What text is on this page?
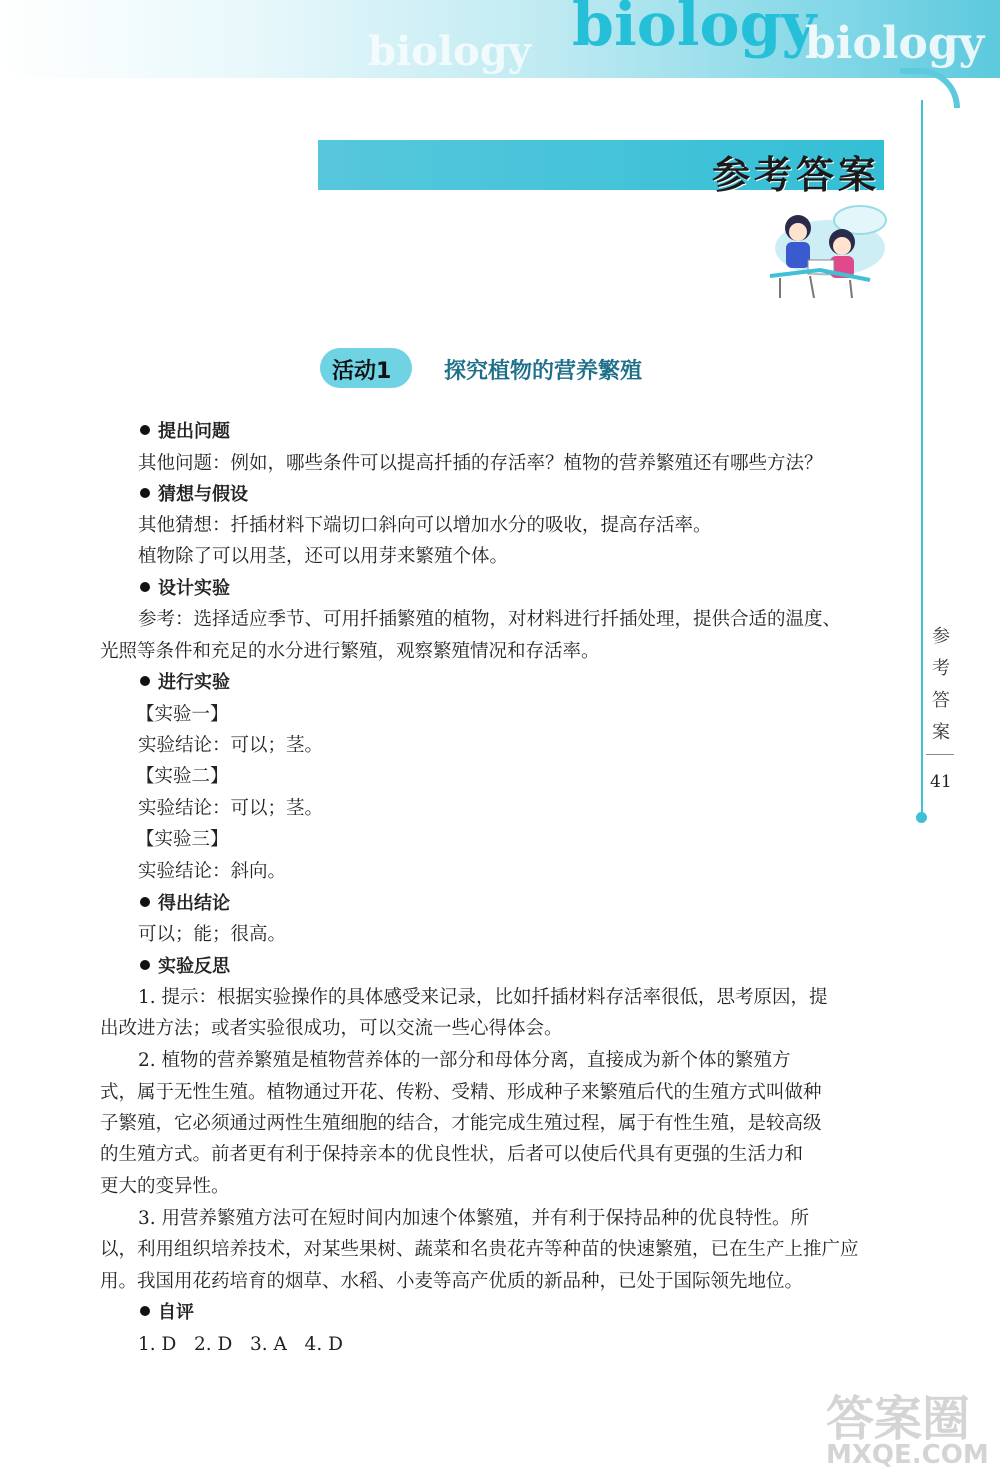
biology biology
biology
参考答案
活动1 探究植物的营养繁殖
提出问题
其他问题：例如，哪些条件可以提高扦插的存活率？植物的营养繁殖还有哪些方法？
猜想与假设
其他猜想：扦插材料下端切口斜向可以增加水分的吸收，提高存活率。
植物除了可以用茎，还可以用芽来繁殖个体。
设计实验
参考：选择适应季节、可用扦插繁殖的植物，对材料进行扦插处理，提供合适的温度、
光照等条件和充足的水分进行繁殖，观察繁殖情况和存活率。
进行实验
【实验一】
实验结论：可以；茎。
【实验二】
实验结论：可以；茎。
【实验三】
实验结论：斜向。
得出结论
可以；能；很高。
实验反思
1. 提示：根据实验操作的具体感受来记录，比如扦插材料存活率很低，思考原因，提
出改进方法；或者实验很成功，可以交流一些心得体会。
2. 植物的营养繁殖是植物营养体的一部分和母体分离，直接成为新个体的繁殖方
式，属于无性生殖。植物通过开花、传粉、受精、形成种子来繁殖后代的生殖方式叫做种
子繁殖，它必须通过两性生殖细胞的结合，才能完成生殖过程，属于有性生殖，是较高级
的生殖方式。前者更有利于保持亲本的优良性状，后者可以使后代具有更强的生活力和
更大的变异性。
3. 用营养繁殖方法可在短时间内加速个体繁殖，并有利于保持品种的优良特性。所
以，利用组织培养技术，对某些果树、蔬菜和名贵花卉等种苗的快速繁殖，已在生产上推广应
用。我国用花药培育的烟草、水稻、小麦等高产优质的新品种，已处于国际领先地位。
自评
1. D   2. D   3. A   4. D
参
考
答
案
41
答案圈
MXQE.COM
